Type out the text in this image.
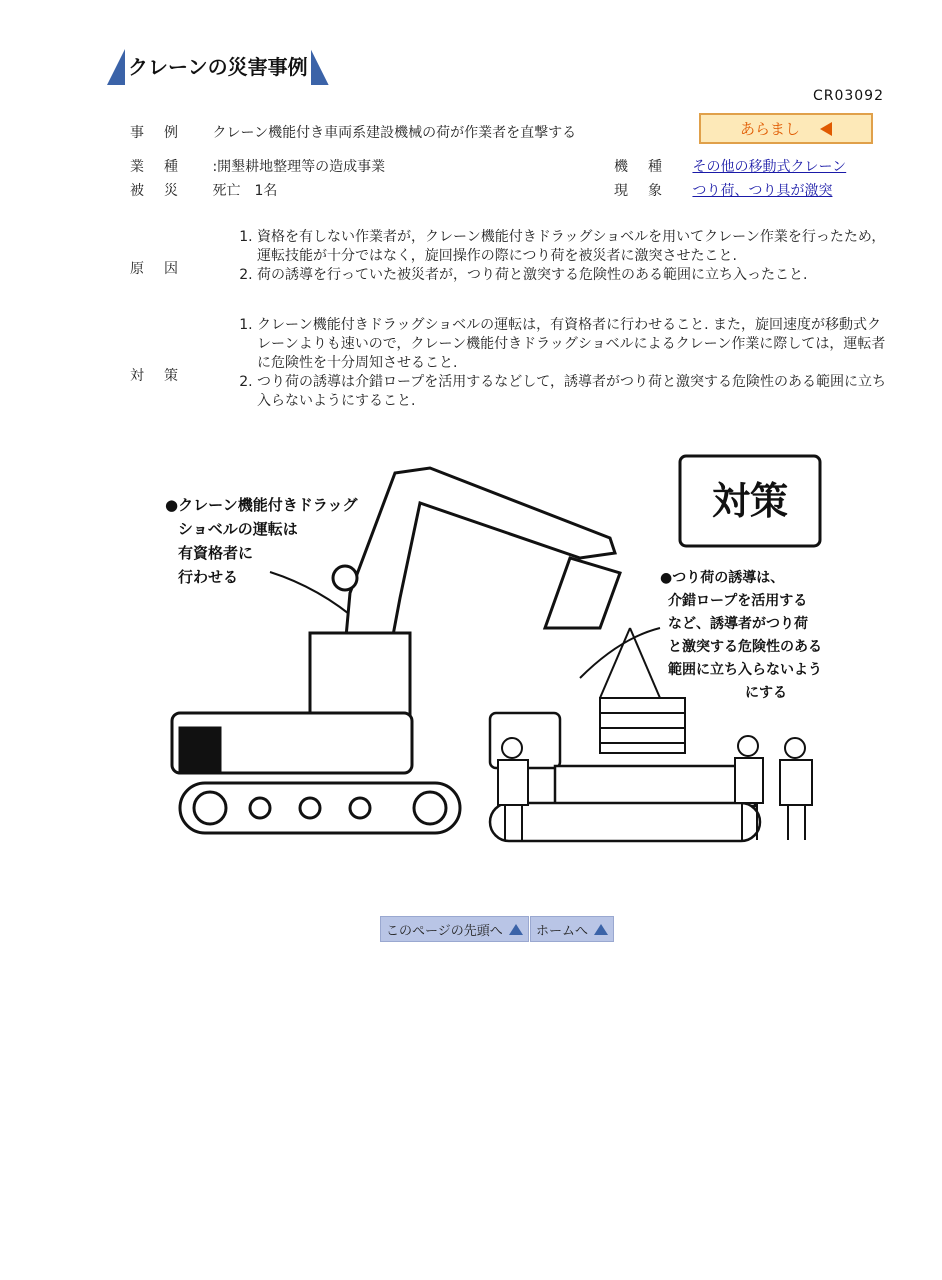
クレーンの災害事例
CR03092
事例 クレーン機能付き車両系建設機械の荷が作業者を直撃する	あらまし
業種 :開墾耕地整理等の造成事業	機種 その他の移動式クレーン
被災 死亡　1名	現象 つり荷、つり具が激突
原因
1. 資格を有しない作業者が，クレーン機能付きドラッグショベルを用いてクレーン作業を行ったため，運転技能が十分ではなく，旋回操作の際につり荷を被災者に激突させたこと.
2. 荷の誘導を行っていた被災者が，つり荷と激突する危険性のある範囲に立ち入ったこと.
対策
1. クレーン機能付きドラッグショベルの運転は，有資格者に行わせること. また，旋回速度が移動式クレーンよりも速いので，クレーン機能付きドラッグショベルによるクレーン作業に際しては，運転者に危険性を十分周知させること.
2. つり荷の誘導は介錯ロープを活用するなどして，誘導者がつり荷と激突する危険性のある範囲に立ち入らないようにすること.
対策
●クレーン機能付きドラッグ ショベルの運転は 有資格者に 行わせる	●つり荷の誘導は、 介錯ロープを活用する など、誘導者がつり荷 と激突する危険性のある 範囲に立ち入らないよう にする
このページの先頭へ	ホームへ
